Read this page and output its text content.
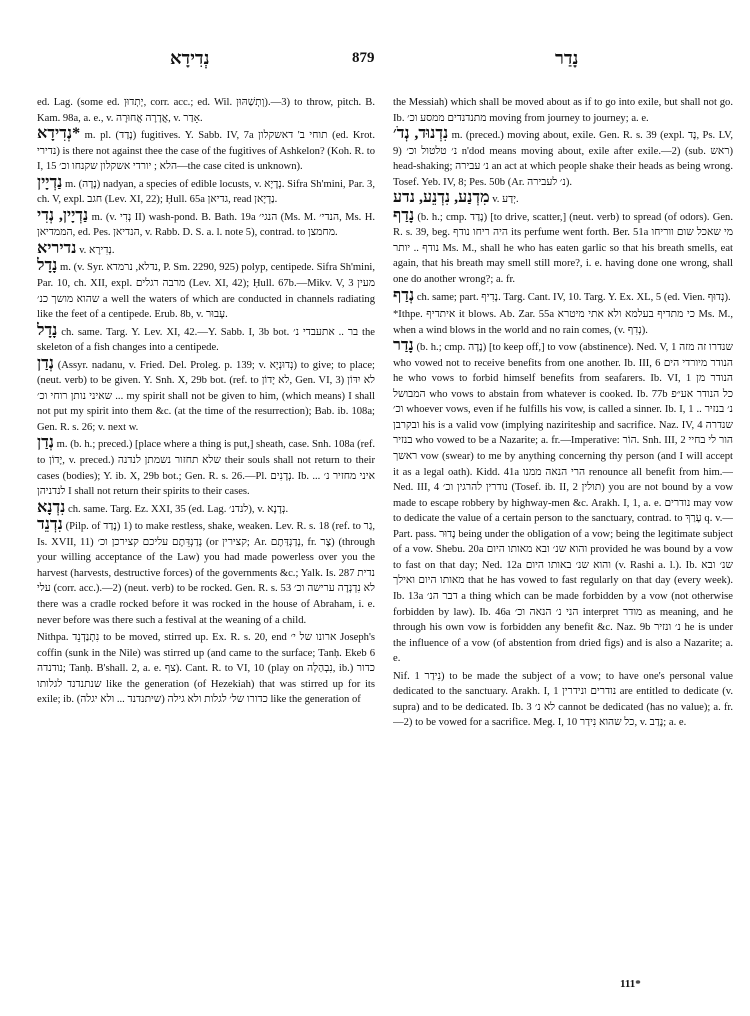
נְדִידָא	879	נָדַר

ed. Lag. (some ed. יְתְדוּן, corr. acc.; ed. Wil. וְתְשַׁהּוּן).—3) to throw, pitch. B. Kam. 98a, a. e., v. אֲדָרָה אֲחוּרָה, v. אָדַר.

נְדִידָא* m. pl. (נָדַד) fugitives. Y. Sabb. IV, 7a תוחי ב' דאשקלון (ed. Krot. נדירי) is there not against thee the case of the fugitives of Ashkelon? (Koh. R. to I, 15 הלא ; יורדי אשקלון שקנחו וכ׳—the case cited is unknown).

נַדְיָין m. (נָדָה) nadyan, a species of edible locusts, v. נְדָיָא. Sifra Sh'mini, Par. 3, ch. V, expl. חגב (Lev. XI, 22); Ḥull. 65a גדיאן, read נַדְיָאן.

נַדְיָין, נְדִי m. (v. נְדִי II) wash-pond. B. Bath. 19a הנגי׳ (Ms. M. הנדי׳, Ms. H. הממדיאן, ed. Pes. הנדיאן, v. Rabb. D. S. a. l. note 5), contrad. to מחמצן.

נדיריא v. נְדִירָא.

נָדָל m. (v. Syr. נדלא, נרמדא, P. Sm. 2290, 925) polyp, centipede. Sifra Sh'mini, Par. 10, ch. XII, expl. מרבה רגלים (Lev. XI, 42); Ḥull. 67b.—Mikv. V, 3 מעין שהוא מושך כנ׳ a well the waters of which are conducted in channels radiating like the feet of a centipede. Erub. 8b, v. עָבוּר.

נָדָל ch. same. Targ. Y. Lev. XI, 42.—Y. Sabb. I, 3b bot. בר .. אתעבדי נ׳ the skeleton of a fish changes into a centipede.

נְדַן (Assyr. nadanu, v. Fried. Del. Proleg. p. 139; v. נְדוּנְיָא) to give; to place; (neut. verb) to be given. Y. Snh. X, 29b bot. (ref. to לא יָדוֹן, Gen. VI, 3) לא יִדּוֹן ... שאיני נותן רוחי וכ׳ my spirit shall not be given to him, (which means) I shall not put my spirit into them &c. (at the time of the resurrection); Bab. ib. 108a; Gen. R. s. 26; v. next w.

נְדַן m. (b. h.; preced.) [place where a thing is put,] sheath, case. Snh. 108a (ref. to יָדוֹן, v. preced.) שלא תחזור נשמתן לנדנה their souls shall not return to their cases (bodies); Y. ib. X, 29b bot.; Gen. R. s. 26.—Pl. נְדָנִים. Ib. ... איני מחזיר נ׳ לנדניהן I shall not return their spirits to their cases.

נִדְנָא ch. same. Targ. Ez. XXI, 35 (ed. Lag. לנדנ׳), v. נְדָנָא.

נִדְנֵד (Pilp. of נָדַד) 1) to make restless, shake, weaken. Lev. R. s. 18 (ref. to גַר, Is. XVII, 11) נְדַנְדֵּתֶם עליכם קצירכן וכ׳ (or קצירין; Ar. נְדַנְדַּתֶם, fr. צָר) (through your willing acceptance of the Law) you had made powerless over you the harvest (harvests, destructive forces) of the governments &c.; Yalk. Is. 287 נדית עלי (corr. acc.).—2) (neut. verb) to be rocked. Gen. R. s. 53 לא נִדְנְדָה ערישה וכ׳ there was a cradle rocked before it was rocked in the house of Abraham, i. e. never before was there such a festival at the weaning of a child.

Nithpa. נִתְנַדְנֵד to be moved, stirred up. Ex. R. s. 20, end ארונו של י׳ Joseph's coffin (sunk in the Nile) was stirred up (and came to the surface; Tanḥ. Ekeb 6 נודנדה; Tanḥ. B'shall. 2, a. e. צף). Cant. R. to VI, 10 (play on נִבְהַלָה, ib.) כדור שנתנדנד לגלותו like the generation (of Hezekiah) that was stirred up for its exile; ib. כדורו של׳ לגלות ולא גילה (שיתנדנד ... ולא יגלה) like the generation of

the Messiah) which shall be moved about as if to go into exile, but shall not go. Ib. מתנדנדים ממסע וכ׳ moving from journey to journey; a. e.

נִדְנוּד, נְדֹ׳ m. (preced.) moving about, exile. Gen. R. s. 39 (expl. נָד, Ps. LV, 9) נ׳ טלטול וכ׳ n'dod means moving about, exile after exile.—2) (sub. ראש) head-shaking; נ׳ עבירה an act at which people shake their heads as being wrong. Tosef. Yeb. IV, 8; Pes. 50b (Ar. נ׳ לעבירה).

מִדְנַע, נִדְנֵע, נדע v. יְדַע.

נָדַף (b. h.; cmp. נָדַד) [to drive, scatter,] (neut. verb) to spread (of odors). Gen. R. s. 39, beg. היה ריחו נודף its perfume went forth. Ber. 51a מי שאכל שום ווריחו נודף .. יותר Ms. M., shall he who has eaten garlic so that his breath smells, eat again, that his breath may smell still more?, i. e. having done one wrong, shall one do another wrong?; a. fr.

נְדַף ch. same; part. נָדִיף. Targ. Cant. IV, 10. Targ. Y. Ex. XL, 5 (ed. Vien. נְדוּף).

*Ithpe. איתדיף it blows. Ab. Zar. 55a כי מתדיף בעלמא ולא אתי מיטרא Ms. M., when a wind blows in the world and no rain comes, (v. נְדִף).

נָדַר (b. h.; cmp. נָדָה) [to keep off,] to vow (abstinence). Ned. V, 1 שנדרו זה מזה who vowed not to receive benefits from one another. Ib. III, 6 הנודר מיורדי הים he who vows to forbid himself benefits from seafarers. Ib. VI, 1 הנודר מן המבושל who vows to abstain from whatever is cooked. Ib. 77b כל הנודר אע״פ וכ׳ whoever vows, even if he fulfills his vow, is called a sinner. Ib. I, 1 .. נ׳ בנזיר ובקרבן his is a valid vow (implying naziriteship and sacrifice. Naz. IV, 4 שנדרה בנזיר who vowed to be a Nazarite; a. fr.—Imperative: הוֹר. Snh. III, 2 הור לי בחיי ראשך vow (swear) to me by anything concerning thy person (and I will accept it as a legal oath). Kidd. 41a הרי הנאה ממנו renounce all benefit from him.—Ned. III, 4 נודרין להרגין וכ׳ (Tosef. ib. II, 2 תולין) you are not bound by a vow made to escape robbery by highway-men &c. Arakh. I, 1, a. e. נודרים may vow to dedicate the value of a certain person to the sanctuary, contrad. to עָרַךְ q. v.—Part. pass. נָדוּר being under the obligation of a vow; being the legitimate subject of a vow. Shebu. 20a והוא שנ׳ ובא מאותו היום provided he was bound by a vow to fast on that day; Ned. 12a והוא שנ׳ באותו היום (v. Rashi a. l.). Ib. שנ׳ ובא מאותו היום ואילך that he has vowed to fast regularly on that day (every week). Ib. 13a דבר הנ׳ a thing which can be made forbidden by a vow (not otherwise forbidden by law). Ib. 46a הני נ׳ הנאה וכ׳ interpret מודר as meaning, and he through his own vow is forbidden any benefit &c. Naz. 9b נ׳ ונזיר he is under the influence of a vow (of abstention from dried figs) and is also a Nazarite; a. e.

Nif. נִידַר 1) to be made the subject of a vow; to have one's personal value dedicated to the sanctuary. Arakh. I, 1 נודרים ונידרין are entitled to dedicate (v. supra) and to be dedicated. Ib. 3 לא נ׳ cannot be dedicated (has no value); a. fr.—2) to be vowed for a sacrifice. Meg. I, 10 כל שהוא נִידַר, v. נָדַב; a. e.

111*
